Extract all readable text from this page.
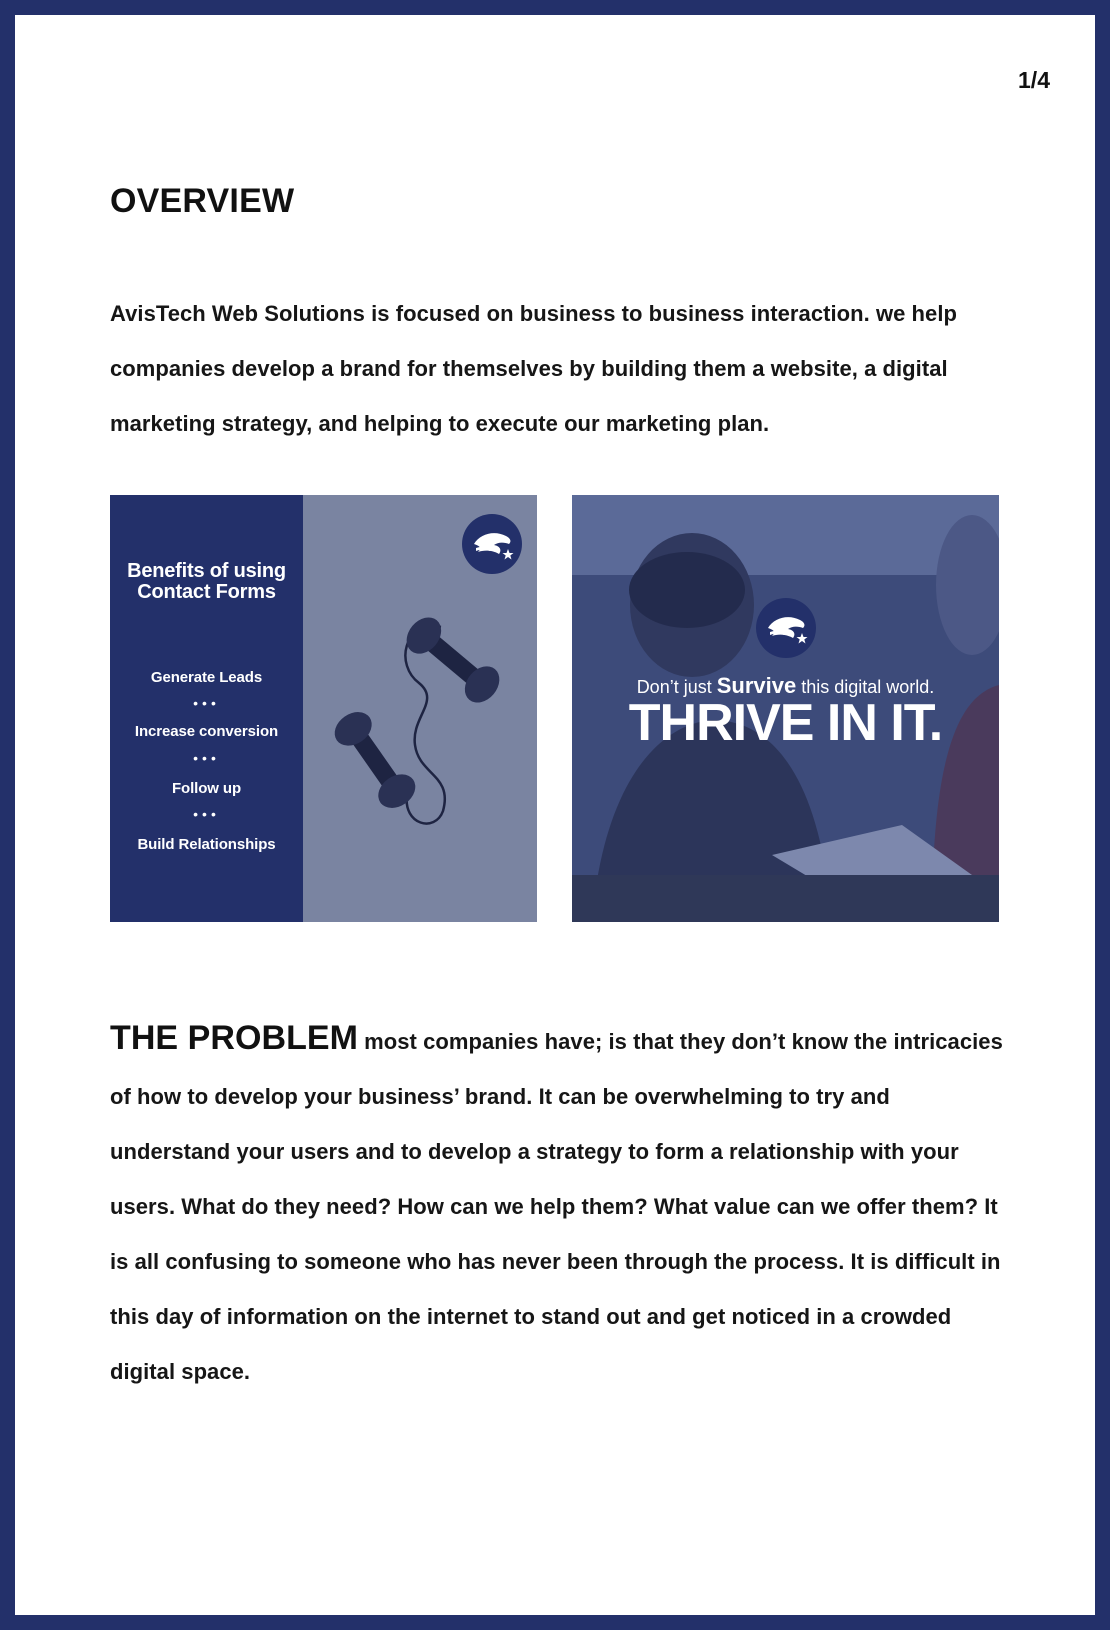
1/4
OVERVIEW

AvisTech Web Solutions is focused on business to business interaction. we help companies develop a brand for themselves by building them a website, a digital marketing strategy, and helping to execute our marketing plan.

Benefits of using
Contact Forms
Generate Leads
•••
Increase conversion
•••
Follow up
•••
Build Relationships
Don’t just Survive this digital world.
THRIVE IN IT.

THE PROBLEM most companies have; is that they don’t know the intricacies of how to develop your business’ brand. It can be overwhelming to try and understand your users and to develop a strategy to form a relationship with your users. What do they need? How can we help them? What value can we offer them? It is all confusing to someone who has never been through the process. It is difficult in this day of information on the internet to stand out and get noticed in a crowded digital space.
